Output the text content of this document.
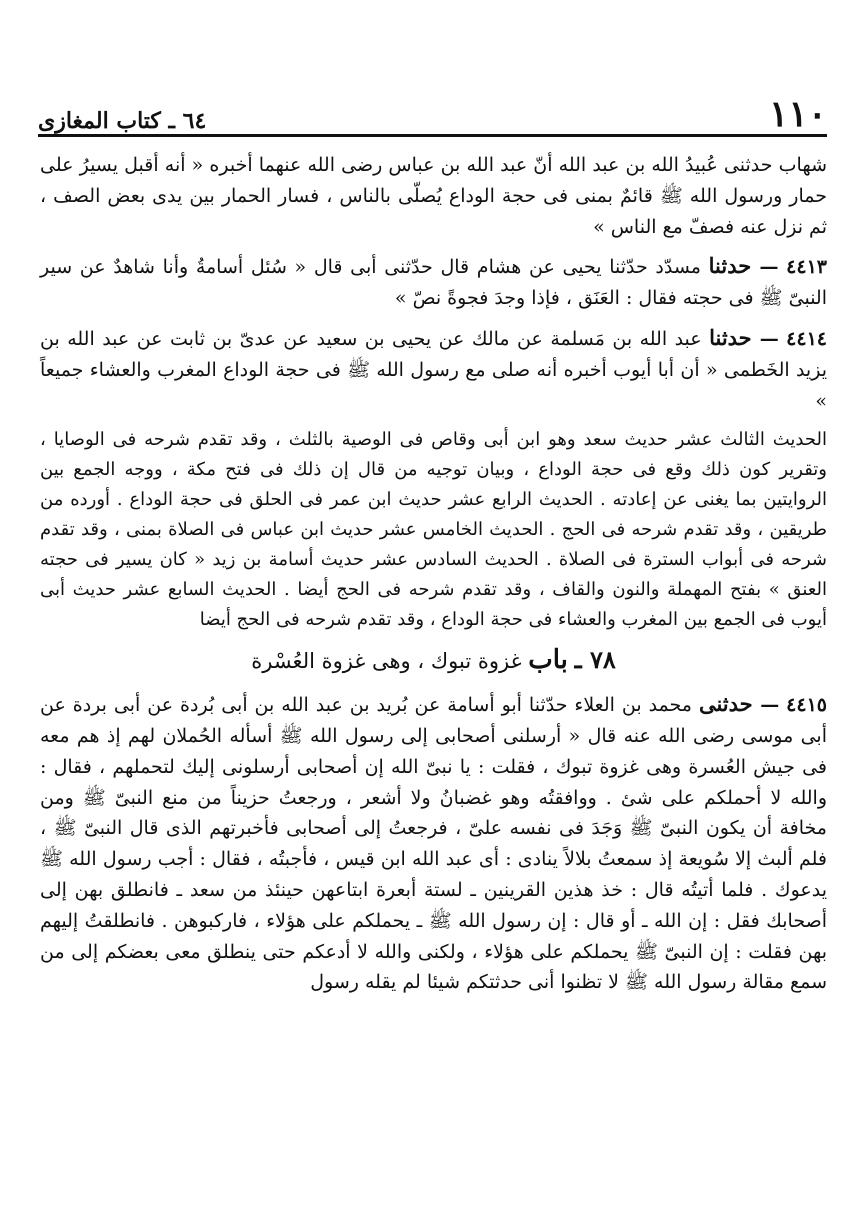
١١٠
٦٤ ـ كتاب المغازى

شهاب حدثنى عُبيدُ الله بن عبد الله أنّ عبد الله بن عباس رضى الله عنهما أخبره « أنه أقبل يسيرُ على حمار ورسول الله ﷺ قائمٌ بمنى فى حجة الوداع يُصلّى بالناس ، فسار الحمار بين يدى بعض الصف ، ثم نزل عنه فصفّ مع الناس »

٤٤١٣ — حدثنا مسدّد حدّثنا يحيى عن هشام قال حدّثنى أبى قال « سُئل أسامةُ وأنا شاهدٌ عن سير النبىّ ﷺ فى حجته فقال : العَنَق ، فإذا وجدَ فجوةً نصّ »

٤٤١٤ — حدثنا عبد الله بن مَسلمة عن مالك عن يحيى بن سعيد عن عدىّ بن ثابت عن عبد الله بن يزيد الخَطمى « أن أبا أيوب أخبره أنه صلى مع رسول الله ﷺ فى حجة الوداع المغرب والعشاء جميعاً »

الحديث الثالث عشر حديث سعد وهو ابن أبى وقاص فى الوصية بالثلث ، وقد تقدم شرحه فى الوصايا ، وتقرير كون ذلك وقع فى حجة الوداع ، وبيان توجيه من قال إن ذلك فى فتح مكة ، ووجه الجمع بين الروايتين بما يغنى عن إعادته . الحديث الرابع عشر حديث ابن عمر فى الحلق فى حجة الوداع . أورده من طريقين ، وقد تقدم شرحه فى الحج . الحديث الخامس عشر حديث ابن عباس فى الصلاة بمنى ، وقد تقدم شرحه فى أبواب السترة فى الصلاة . الحديث السادس عشر حديث أسامة بن زيد « كان يسير فى حجته العنق » بفتح المهملة والنون والقاف ، وقد تقدم شرحه فى الحج أيضا . الحديث السابع عشر حديث أبى أيوب فى الجمع بين المغرب والعشاء فى حجة الوداع ، وقد تقدم شرحه فى الحج أيضا

٧٨ ـ باب غزوة تبوك ، وهى غزوة العُسْرة

٤٤١٥ — حدثنى محمد بن العلاء حدّثنا أبو أسامة عن بُريد بن عبد الله بن أبى بُردة عن أبى بردة عن أبى موسى رضى الله عنه قال « أرسلنى أصحابى إلى رسول الله ﷺ أسأله الحُملان لهم إذ هم معه فى جيش العُسرة وهى غزوة تبوك ، فقلت : يا نبىّ الله إن أصحابى أرسلونى إليك لتحملهم ، فقال : والله لا أحملكم على شئ . ووافقتُه وهو غضبانُ ولا أشعر ، ورجعتُ حزيناً من منع النبىّ ﷺ ومن مخافة أن يكون النبىّ ﷺ وَجَدَ فى نفسه علىّ ، فرجعتُ إلى أصحابى فأخبرتهم الذى قال النبىّ ﷺ ، فلم ألبث إلا سُويعة إذ سمعتُ بلالاً ينادى : أى عبد الله ابن قيس ، فأجبتُه ، فقال : أجب رسول الله ﷺ يدعوك . فلما أتيتُه قال : خذ هذين القرينين ـ لستة أبعرة ابتاعهن حينئذ من سعد ـ فانطلق بهن إلى أصحابك فقل : إن الله ـ أو قال : إن رسول الله ﷺ ـ يحملكم على هؤلاء ، فاركبوهن . فانطلقتُ إليهم بهن فقلت : إن النبىّ ﷺ يحملكم على هؤلاء ، ولكنى والله لا أدعكم حتى ينطلق معى بعضكم إلى من سمع مقالة رسول الله ﷺ لا تظنوا أنى حدثتكم شيئا لم يقله رسول
